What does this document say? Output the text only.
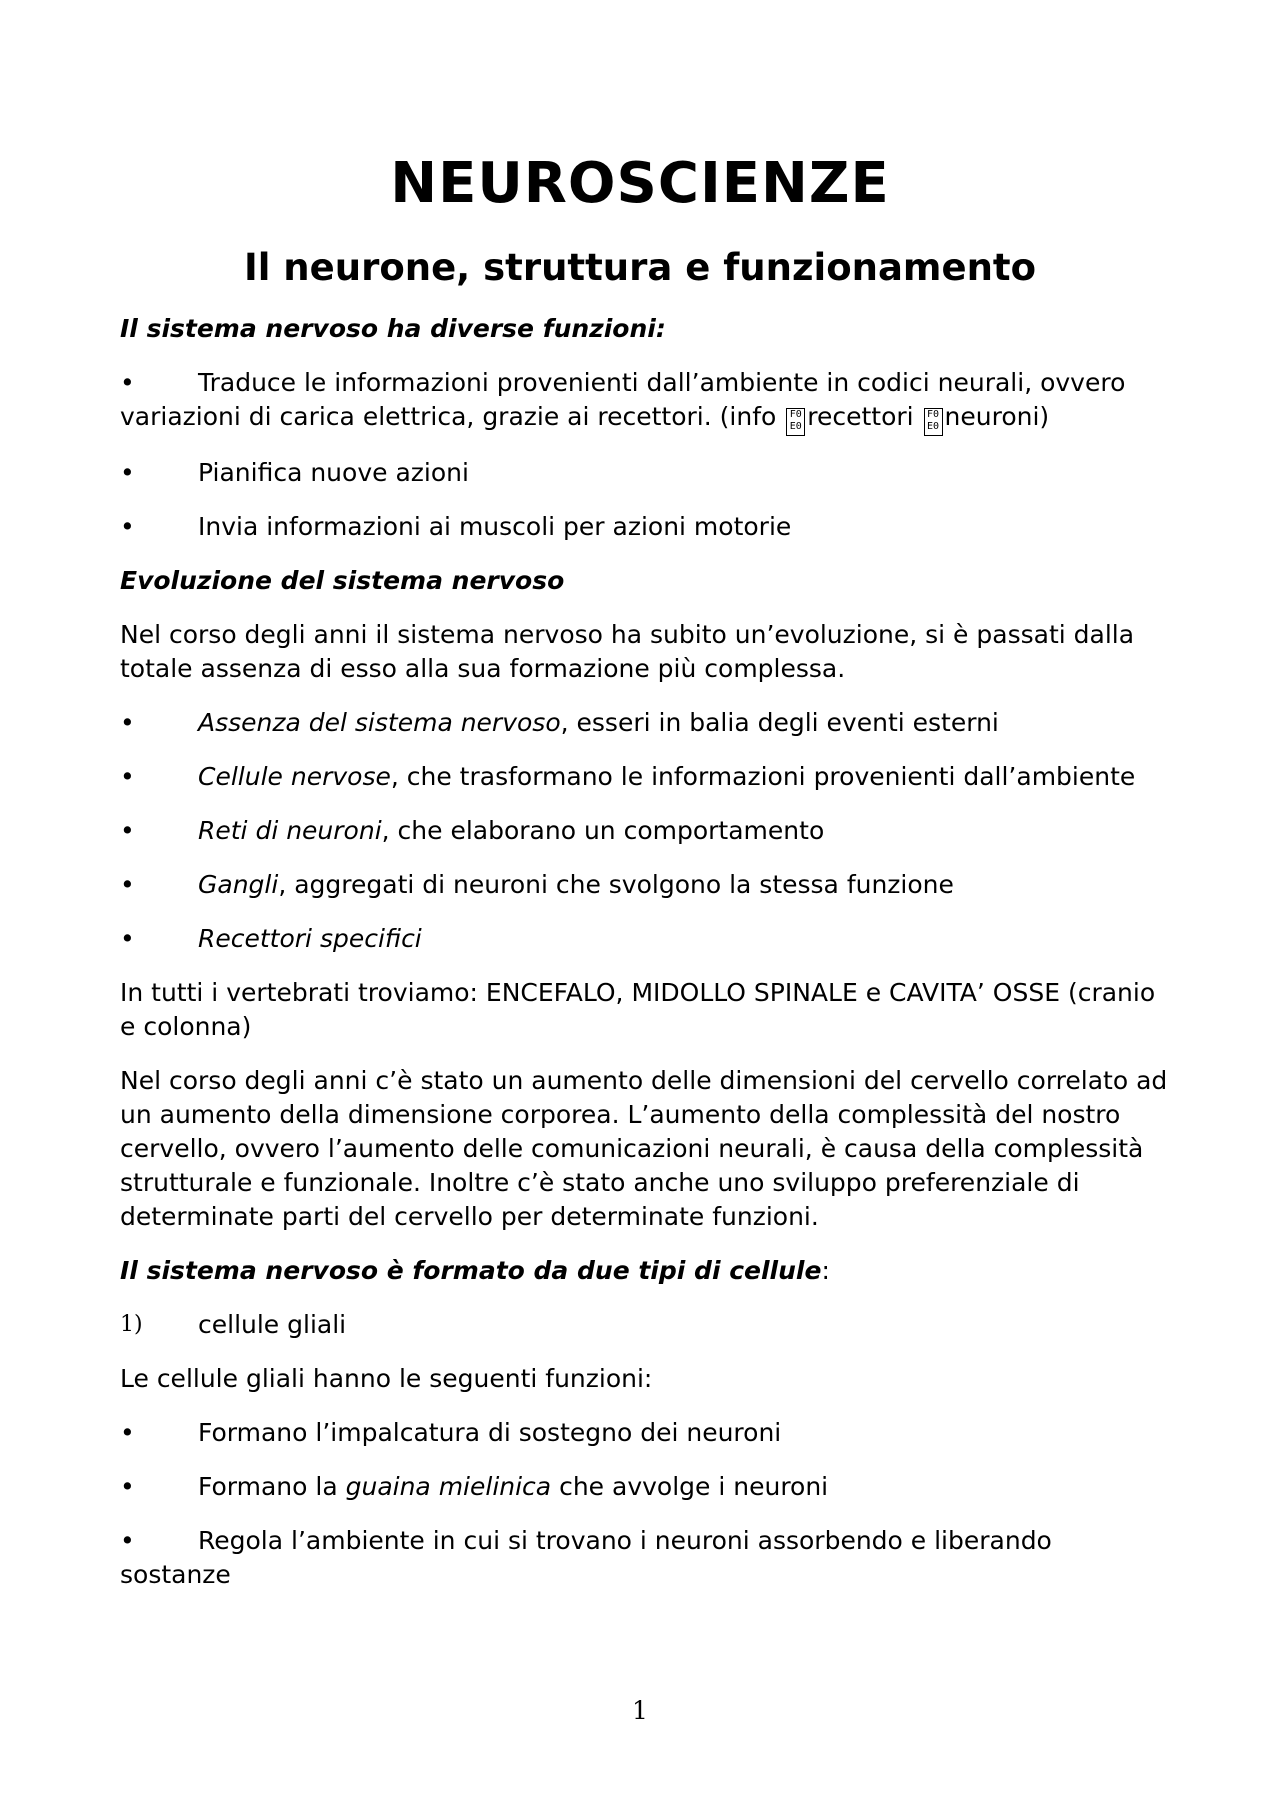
NEUROSCIENZE
Il neurone, struttura e funzionamento

Il sistema nervoso ha diverse funzioni:

•	Traduce le informazioni provenienti dall’ambiente in codici neurali, ovvero variazioni di carica elettrica, grazie ai recettori. (info F0
E0 recettori F0
E0 neuroni)
•	Pianifica nuove azioni
•	Invia informazioni ai muscoli per azioni motorie

Evoluzione del sistema nervoso

Nel corso degli anni il sistema nervoso ha subito un’evoluzione, si è passati dalla totale assenza di esso alla sua formazione più complessa.

•	Assenza del sistema nervoso, esseri in balia degli eventi esterni
•	Cellule nervose, che trasformano le informazioni provenienti dall’ambiente
•	Reti di neuroni, che elaborano un comportamento
•	Gangli, aggregati di neuroni che svolgono la stessa funzione
•	Recettori specifici

In tutti i vertebrati troviamo: ENCEFALO, MIDOLLO SPINALE e CAVITA’ OSSE (cranio e colonna)

Nel corso degli anni c’è stato un aumento delle dimensioni del cervello correlato ad un aumento della dimensione corporea. L’aumento della complessità del nostro cervello, ovvero l’aumento delle comunicazioni neurali, è causa della complessità strutturale e funzionale. Inoltre c’è stato anche uno sviluppo preferenziale di determinate parti del cervello per determinate funzioni.

Il sistema nervoso è formato da due tipi di cellule:

1) cellule gliali

Le cellule gliali hanno le seguenti funzioni:

•	Formano l’impalcatura di sostegno dei neuroni
•	Formano la guaina mielinica che avvolge i neuroni
•	Regola l’ambiente in cui si trovano i neuroni assorbendo e liberando sostanze
1
